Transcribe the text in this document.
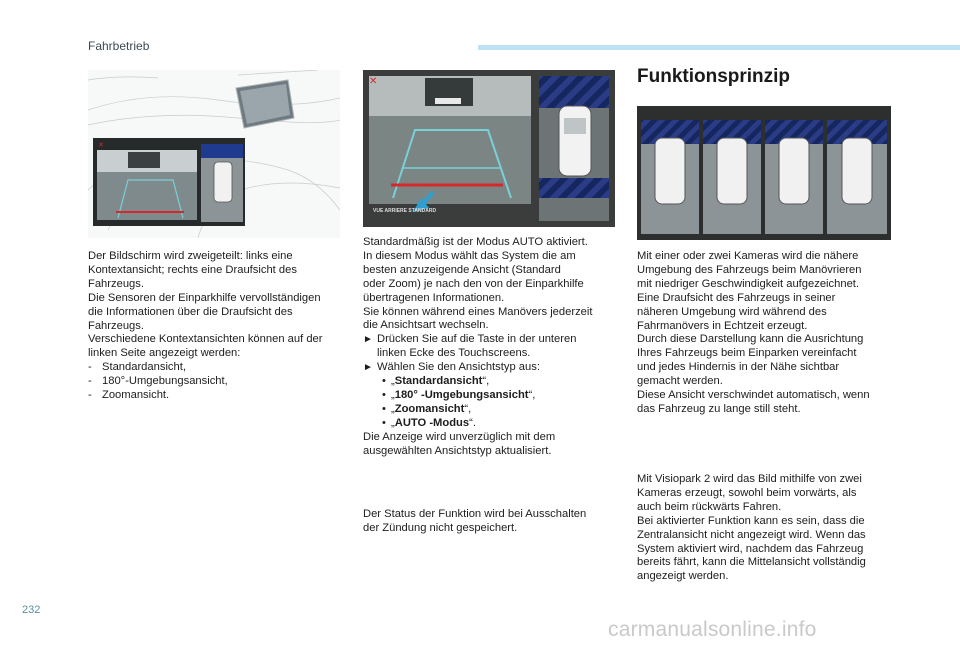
Fahrbetrieb
✕
✕
VUE ARRIERE STANDARD

Der Bildschirm wird zweigeteilt: links eine

Kontextansicht; rechts eine Draufsicht des

Fahrzeugs.

Die Sensoren der Einparkhilfe vervollständigen

die Informationen über die Draufsicht des

Fahrzeugs.

Verschiedene Kontextansichten können auf der

linken Seite angezeigt werden:

- Standardansicht,
- 180°-Umgebungsansicht,
- Zoomansicht.

Standardmäßig ist der Modus AUTO aktiviert.

In diesem Modus wählt das System die am

besten anzuzeigende Ansicht (Standard

oder Zoom) je nach den von der Einparkhilfe

übertragenen Informationen.

Sie können während eines Manövers jederzeit

die Ansichtsart wechseln.

► Drücken Sie auf die Taste in der unteren
linken Ecke des Touchscreens.
► Wählen Sie den Ansichtstyp aus:
• „ Standardansicht “,
• „ 180° -Umgebungsansicht “,
• „ Zoomansicht “,
• „ AUTO -Modus “.

Die Anzeige wird unverzüglich mit dem

ausgewählten Ansichtstyp aktualisiert.

Der Status der Funktion wird bei Ausschalten

der Zündung nicht gespeichert.

Funktionsprinzip

Mit einer oder zwei Kameras wird die nähere

Umgebung des Fahrzeugs beim Manövrieren

mit niedriger Geschwindigkeit aufgezeichnet.

Eine Draufsicht des Fahrzeugs in seiner

näheren Umgebung wird während des

Fahrmanövers in Echtzeit erzeugt.

Durch diese Darstellung kann die Ausrichtung

Ihres Fahrzeugs beim Einparken vereinfacht

und jedes Hindernis in der Nähe sichtbar

gemacht werden.

Diese Ansicht verschwindet automatisch, wenn

das Fahrzeug zu lange still steht.

Mit Visiopark 2 wird das Bild mithilfe von zwei

Kameras erzeugt, sowohl beim vorwärts, als

auch beim rückwärts Fahren.

Bei aktivierter Funktion kann es sein, dass die

Zentralansicht nicht angezeigt wird. Wenn das

System aktiviert wird, nachdem das Fahrzeug

bereits fährt, kann die Mittelansicht vollständig

angezeigt werden.

232
carmanualsonline.info
